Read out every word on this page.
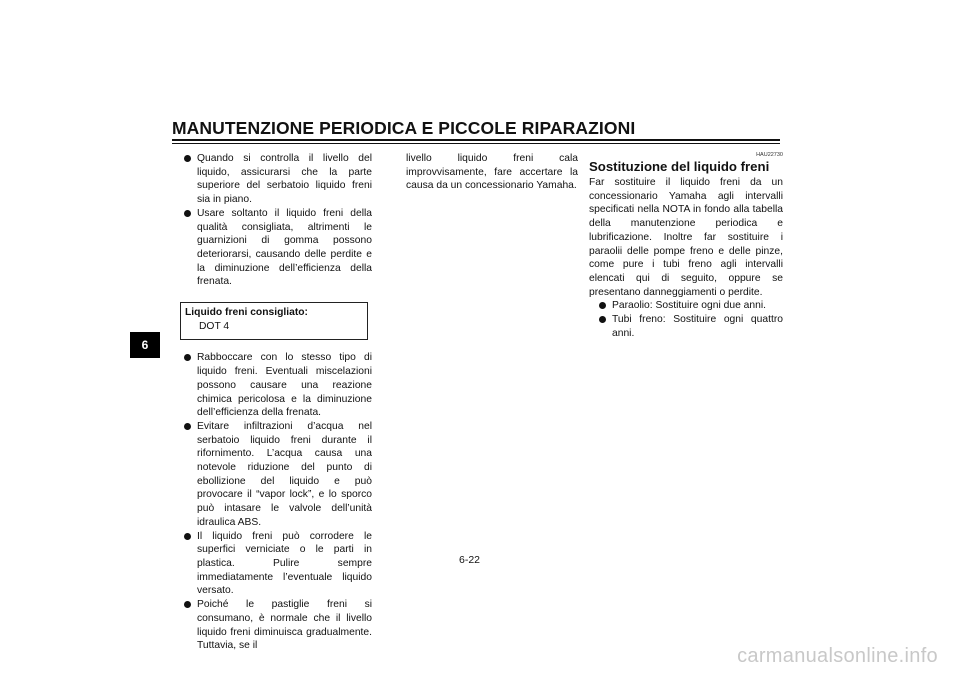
MANUTENZIONE PERIODICA E PICCOLE RIPARAZIONI
6

Quando si controlla il livello del liquido, assicurarsi che la parte superiore del serbatoio liquido freni sia in piano.

Usare soltanto il liquido freni della qualità consigliata, altrimenti le guarnizioni di gomma possono deteriorarsi, causando delle perdite e la diminuzione dell’efficienza della frenata.

Liquido freni consigliato:
DOT 4

Rabboccare con lo stesso tipo di liquido freni. Eventuali miscelazioni possono causare una reazione chimica pericolosa e la diminuzione dell’efficienza della frenata.

Evitare infiltrazioni d’acqua nel serbatoio liquido freni durante il rifornimento. L’acqua causa una notevole riduzione del punto di ebollizione del liquido e può provocare il “vapor lock”, e lo sporco può intasare le valvole dell’unità idraulica ABS.

Il liquido freni può corrodere le superfici verniciate o le parti in plastica. Pulire sempre immediatamente l’eventuale liquido versato.

Poiché le pastiglie freni si consumano, è normale che il livello liquido freni diminuisca gradualmente. Tuttavia, se il

livello liquido freni cala improvvisamente, fare accertare la causa da un concessionario Yamaha.

HAU22730
Sostituzione del liquido freni

Far sostituire il liquido freni da un concessionario Yamaha agli intervalli specificati nella NOTA in fondo alla tabella della manutenzione periodica e lubrificazione. Inoltre far sostituire i paraolii delle pompe freno e delle pinze, come pure i tubi freno agli intervalli elencati qui di seguito, oppure se presentano danneggiamenti o perdite.

Paraolio: Sostituire ogni due anni.

Tubi freno: Sostituire ogni quattro anni.

6-22
carmanualsonline.info
